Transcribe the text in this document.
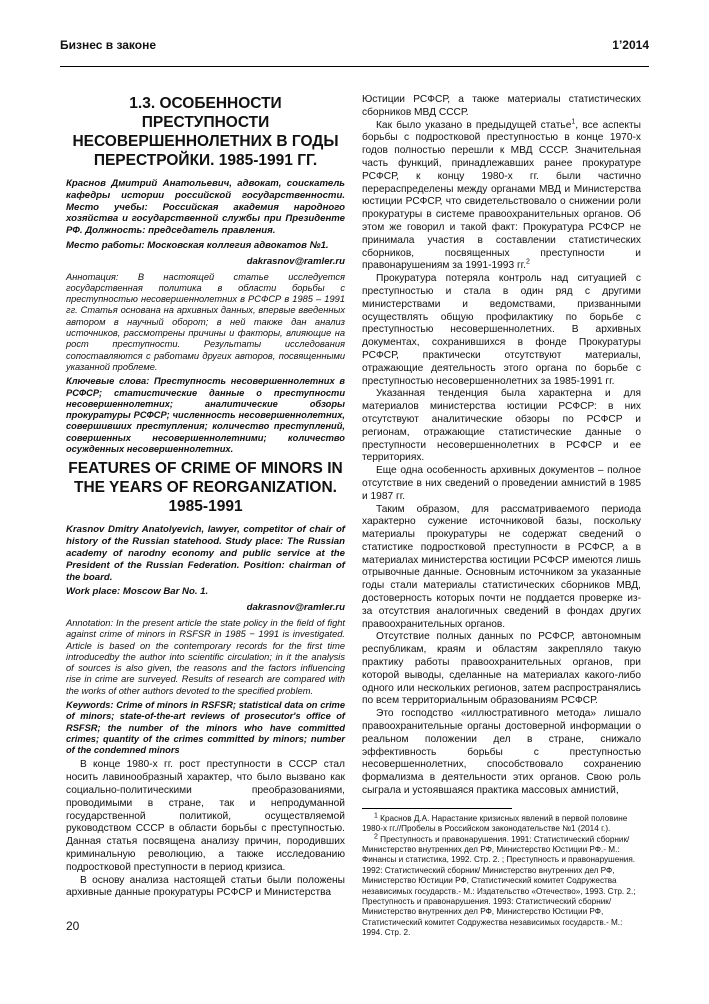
Бизнес в законе	1’2014
1.3. ОСОБЕННОСТИ ПРЕСТУПНОСТИ НЕСОВЕРШЕННОЛЕТНИХ В ГОДЫ ПЕРЕСТРОЙКИ. 1985-1991 ГГ.

Краснов Дмитрий Анатольевич, адвокат, соискатель кафедры истории российской государственности. Место учебы: Российская академия народного хозяйства и государственной службы при Президенте РФ. Должность: председатель правления.

Место работы: Московская коллегия адвокатов №1.

dakrasnov@ramler.ru

Аннотация: В настоящей статье исследуется государственная политика в области борьбы с преступностью несовершеннолетних в РСФСР в 1985 – 1991 гг. Статья основана на архивных данных, впервые введенных автором в научный оборот; в ней также дан анализ источников, рассмотрены причины и факторы, влияющие на рост преступности. Результаты исследования сопоставляются с работами других авторов, посвященными указанной проблеме.

Ключевые слова: Преступность несовершеннолетних в РСФСР; статистические данные о преступности несовершеннолетних; аналитические обзоры прокуратуры РСФСР; численность несовершеннолетних, совершивших преступления; количество преступлений, совершенных несовершеннолетними; количество осужденных несовершеннолетних.

FEATURES OF CRIME OF MINORS IN THE YEARS OF REORGANIZATION. 1985-1991

Krasnov Dmitry Anatolyevich, lawyer, competitor of chair of history of the Russian statehood. Study place: The Russian academy of narodny economy and public service at the President of the Russian Federation. Position: chairman of the board.

Work place: Moscow Bar No. 1.

dakrasnov@ramler.ru

Annotation: In the present article the state policy in the field of fight against crime of minors in RSFSR in 1985 − 1991 is investigated. Article is based on the contemporary records for the first time introducedby the author into scientific circulation; in it the analysis of sources is also given, the reasons and the factors influencing rise in crime are surveyed. Results of research are compared with the works of other authors devoted to the specified problem.

Keywords: Crime of minors in RSFSR; statistical data on crime of minors; state-of-the-art reviews of prosecutor's office of RSFSR; the number of the minors who have committed crimes; quantity of the crimes committed by minors; number of the condemned minors

В конце 1980-х гг. рост преступности в СССР стал носить лавинообразный характер, что было вызвано как социально-политическими преобразованиями, проводимыми в стране, так и непродуманной государственной политикой, осуществляемой руководством СССР в области борьбы с преступностью. Данная статья посвящена анализу причин, породивших криминальную революцию, а также исследованию подростковой преступности в период кризиса.

В основу анализа настоящей статьи были положены архивные данные прокуратуры РСФСР и Министерства

Юстиции РСФСР, а также материалы статистических сборников МВД СССР.

Как было указано в предыдущей статье$^1$, все аспекты борьбы с подростковой преступностью в конце 1970-х годов полностью перешли к МВД СССР. Значительная часть функций, принадлежавших ранее прокуратуре РСФСР, к концу 1980-х гг. были частично перераспределены между органами МВД и Министерства юстиции РСФСР, что свидетельствовало о снижении роли прокуратуры в системе правоохранительных органов. Об этом же говорил и такой факт: Прокуратура РСФСР не принимала участия в составлении статистических сборников, посвященных преступности и правонарушениям за 1991-1993 гг.$^2$

Прокуратура потеряла контроль над ситуацией с преступностью и стала в один ряд с другими министерствами и ведомствами, призванными осуществлять общую профилактику по борьбе с преступностью несовершеннолетних. В архивных документах, сохранившихся в фонде Прокуратуры РСФСР, практически отсутствуют материалы, отражающие деятельность этого органа по борьбе с преступностью несовершеннолетних за 1985-1991 гг.

Указанная тенденция была характерна и для материалов министерства юстиции РСФСР: в них отсутствуют аналитические обзоры по РСФСР и регионам, отражающие статистические данные о преступности несовершеннолетних в РСФСР и ее территориях.

Еще одна особенность архивных документов – полное отсутствие в них сведений о проведении амнистий в 1985 и 1987 гг.

Таким образом, для рассматриваемого периода характерно сужение источниковой базы, поскольку материалы прокуратуры не содержат сведений о статистике подростковой преступности в РСФСР, а в материалах министерства юстиции РСФСР имеются лишь отрывочные данные. Основным источником за указанные годы стали материалы статистических сборников МВД, достоверность которых почти не поддается проверке из-за отсутствия аналогичных сведений в фондах других правоохранительных органов.

Отсутствие полных данных по РСФСР, автономным республикам, краям и областям закрепляло такую практику работы правоохранительных органов, при которой выводы, сделанные на материалах какого-либо одного или нескольких регионов, затем распространялись по всем территориальным образованиям РСФСР.

Это господство «иллюстративного метода» лишало правоохранительные органы достоверной информации о реальном положении дел в стране, снижало эффективность борьбы с преступностью несовершеннолетних, способствовало сохранению формализма в деятельности этих органов. Свою роль сыграла и устоявшаяся практика массовых амнистий,

$^1$ Краснов Д.А. Нарастание кризисных явлений в первой половине 1980-х гг.//Пробелы в Российском законодательстве №1 (2014 г.).

$^2$ Преступность и правонарушения. 1991: Статистический сборник/ Министерство внутренних дел РФ, Министерство Юстиции РФ.- М.: Финансы и статистика, 1992. Стр. 2. ; Преступность и правонарушения. 1992: Статистический сборник/ Министерство внутренних дел РФ, Министерство Юстиции РФ, Статистический комитет Содружества независимых государств.- М.: Издательство «Отечество», 1993. Стр. 2.; Преступность и правонарушения. 1993: Статистический сборник/ Министерство внутренних дел РФ, Министерство Юстиции РФ, Статистический комитет Содружества независимых государств.- М.: 1994. Стр. 2.

20
